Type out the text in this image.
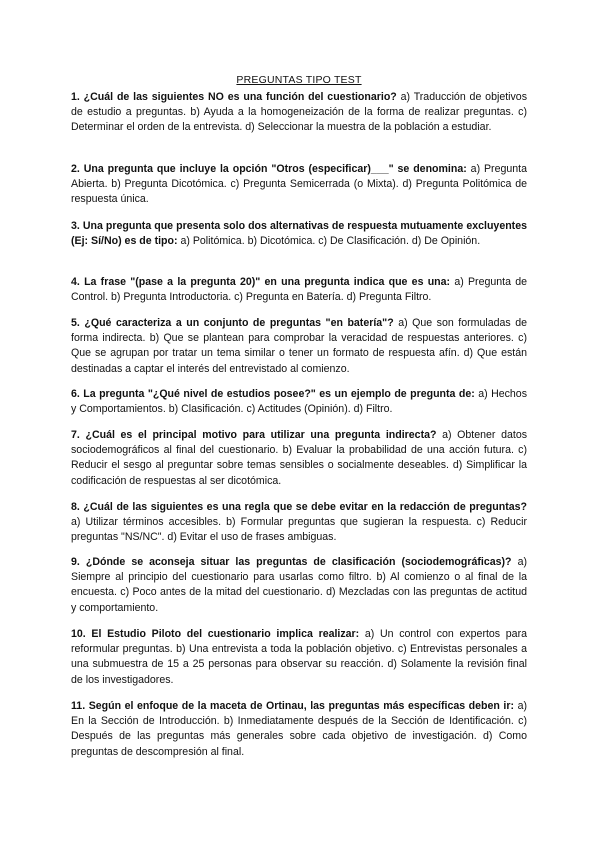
PREGUNTAS TIPO TEST

1. ¿Cuál de las siguientes NO es una función del cuestionario? a) Traducción de objetivos de estudio a preguntas. b) Ayuda a la homogeneización de la forma de realizar preguntas. c) Determinar el orden de la entrevista. d) Seleccionar la muestra de la población a estudiar.

2. Una pregunta que incluye la opción "Otros (especificar)___" se denomina: a) Pregunta Abierta. b) Pregunta Dicotómica. c) Pregunta Semicerrada (o Mixta). d) Pregunta Politómica de respuesta única.

3. Una pregunta que presenta solo dos alternativas de respuesta mutuamente excluyentes (Ej: Sí/No) es de tipo: a) Politómica. b) Dicotómica. c) De Clasificación. d) De Opinión.

4. La frase "(pase a la pregunta 20)" en una pregunta indica que es una: a) Pregunta de Control. b) Pregunta Introductoria. c) Pregunta en Batería. d) Pregunta Filtro.

5. ¿Qué caracteriza a un conjunto de preguntas "en batería"? a) Que son formuladas de forma indirecta. b) Que se plantean para comprobar la veracidad de respuestas anteriores. c) Que se agrupan por tratar un tema similar o tener un formato de respuesta afín. d) Que están destinadas a captar el interés del entrevistado al comienzo.

6. La pregunta "¿Qué nivel de estudios posee?" es un ejemplo de pregunta de: a) Hechos y Comportamientos. b) Clasificación. c) Actitudes (Opinión). d) Filtro.

7. ¿Cuál es el principal motivo para utilizar una pregunta indirecta? a) Obtener datos sociodemográficos al final del cuestionario. b) Evaluar la probabilidad de una acción futura. c) Reducir el sesgo al preguntar sobre temas sensibles o socialmente deseables. d) Simplificar la codificación de respuestas al ser dicotómica.

8. ¿Cuál de las siguientes es una regla que se debe evitar en la redacción de preguntas? a) Utilizar términos accesibles. b) Formular preguntas que sugieran la respuesta. c) Reducir preguntas "NS/NC". d) Evitar el uso de frases ambiguas.

9. ¿Dónde se aconseja situar las preguntas de clasificación (sociodemográficas)? a) Siempre al principio del cuestionario para usarlas como filtro. b) Al comienzo o al final de la encuesta. c) Poco antes de la mitad del cuestionario. d) Mezcladas con las preguntas de actitud y comportamiento.

10. El Estudio Piloto del cuestionario implica realizar: a) Un control con expertos para reformular preguntas. b) Una entrevista a toda la población objetivo. c) Entrevistas personales a una submuestra de 15 a 25 personas para observar su reacción. d) Solamente la revisión final de los investigadores.

11. Según el enfoque de la maceta de Ortinau, las preguntas más específicas deben ir: a) En la Sección de Introducción. b) Inmediatamente después de la Sección de Identificación. c) Después de las preguntas más generales sobre cada objetivo de investigación. d) Como preguntas de descompresión al final.
